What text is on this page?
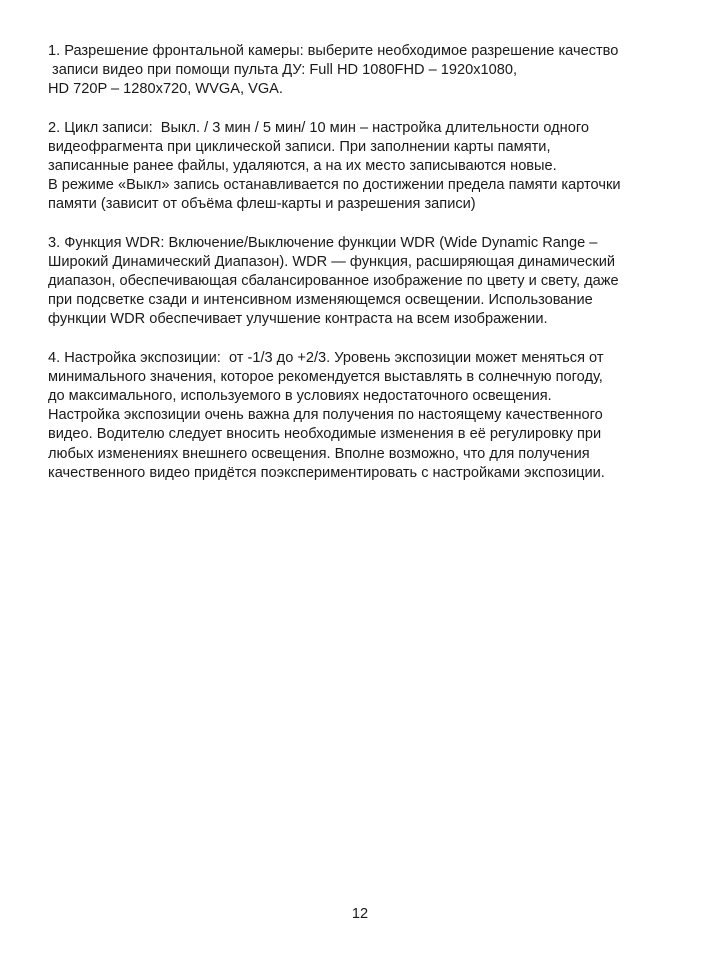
1. Разрешение фронтальной камеры: выберите необходимое разрешение качество
записи видео при помощи пульта ДУ: Full HD 1080FHD – 1920x1080,
HD 720P – 1280x720, WVGA, VGA.
2. Цикл записи:  Выкл. / 3 мин / 5 мин/ 10 мин – настройка длительности одного
видеофрагмента при циклической записи. При заполнении карты памяти,
записанные ранее файлы, удаляются, а на их место записываются новые.
В режиме «Выкл» запись останавливается по достижении предела памяти карточки
памяти (зависит от объёма флеш-карты и разрешения записи)
3. Функция WDR: Включение/Выключение функции WDR (Wide Dynamic Range –
Широкий Динамический Диапазон). WDR — функция, расширяющая динамический
диапазон, обеспечивающая сбалансированное изображение по цвету и свету, даже
при подсветке сзади и интенсивном изменяющемся освещении. Использование
функции WDR обеспечивает улучшение контраста на всем изображении.
4. Настройка экспозиции:  от -1/3 до +2/3. Уровень экспозиции может меняться от
минимального значения, которое рекомендуется выставлять в солнечную погоду,
до максимального, используемого в условиях недостаточного освещения.
Настройка экспозиции очень важна для получения по настоящему качественного
видео. Водителю следует вносить необходимые изменения в её регулировку при
любых изменениях внешнего освещения. Вполне возможно, что для получения
качественного видео придётся поэкспериментировать с настройками экспозиции.
12
